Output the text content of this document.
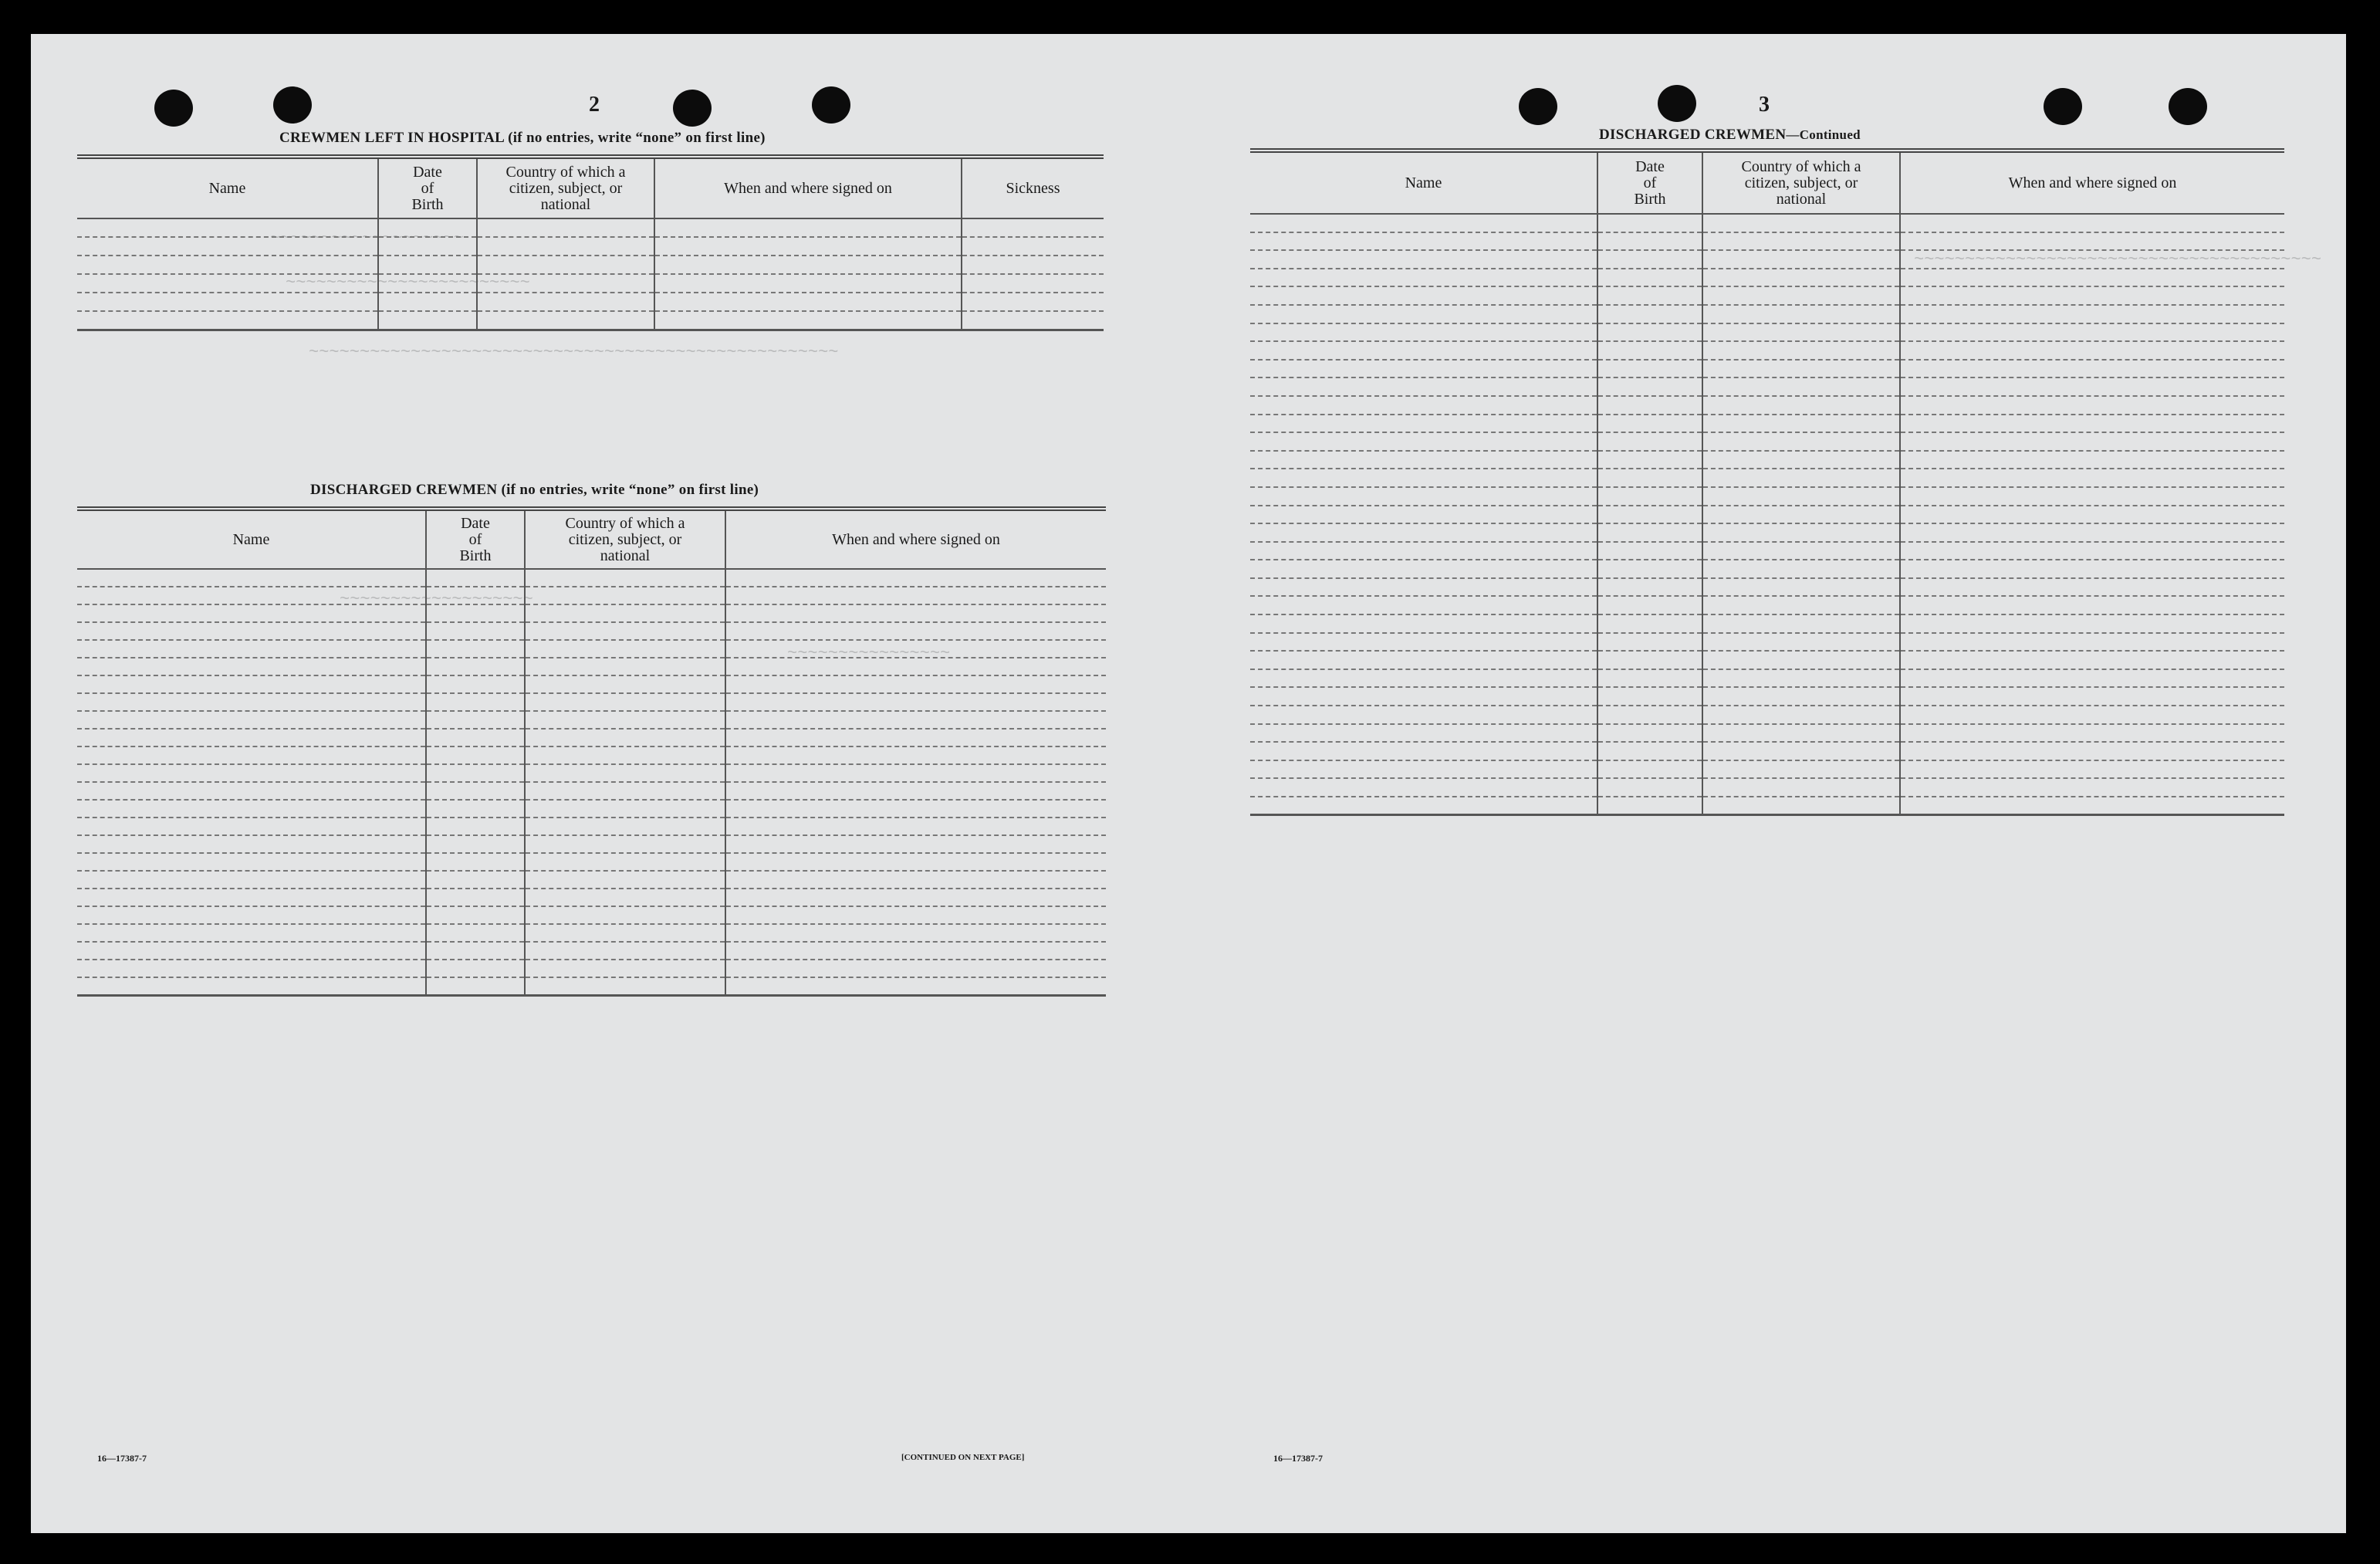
~~~~~~~~~~~~~~~~~~~
~~~~~~~~~~~~~~~~~~~~~~~~
~~~~~~~~~~~~~~~~~~~~~~~~~~~~~~~~~~~~~~~~~~~~~~~~~~~~
~~~~~~~~~~~~~~~~~~~
~~~~~~~~~~~~~~~~
~~~~~~~~~~~~~~~~~~~~~~~~~~~~~~~~~~~~~~~~
2
CREWMEN LEFT IN HOSPITAL (if no entries, write “none” on first line)
Name	Date of Birth	Country of which a citizen, subject, or national	When and where signed on	Sickness

DISCHARGED CREWMEN (if no entries, write “none” on first line)
Name	Date of Birth	Country of which a citizen, subject, or national	When and where signed on

16—17387-7	[CONTINUED ON NEXT PAGE]
3
DISCHARGED CREWMEN—Continued
Name	Date of Birth	Country of which a citizen, subject, or national	When and where signed on

16—17387-7
